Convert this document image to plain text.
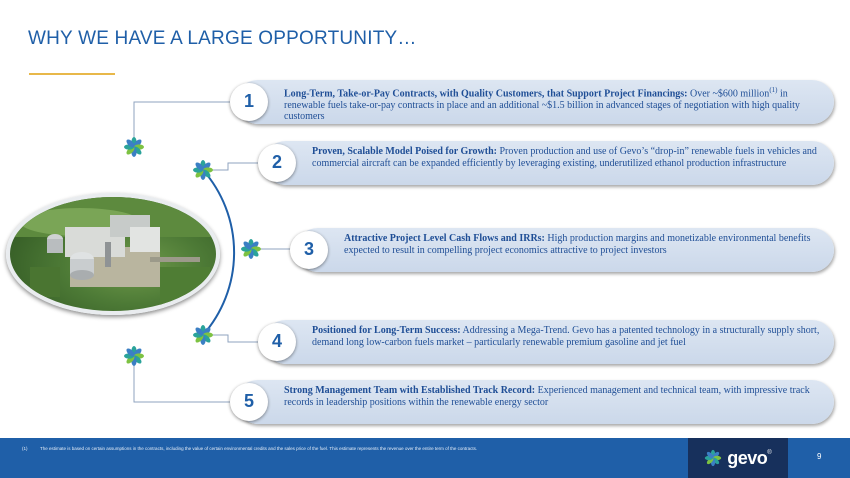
WHY WE HAVE A LARGE OPPORTUNITY…
1	Long-Term, Take-or-Pay Contracts, with Quality Customers, that Support Project Financings: Over ~$600 million$^{(1)}$ in renewable fuels take-or-pay contracts in place and an additional ~$1.5 billion in advanced stages of negotiation with high quality customers
2
Proven, Scalable Model Poised for Growth: Proven production and use of Gevo’s “drop-in” renewable fuels in vehicles and commercial aircraft can be expanded efficiently by leveraging existing, underutilized ethanol production infrastructure
3
Attractive Project Level Cash Flows and IRRs: High production margins and monetizable environmental benefits expected to result in compelling project economics attractive to project investors
4
Positioned for Long-Term Success: Addressing a Mega-Trend. Gevo has a patented technology in a structurally supply short, demand long low-carbon fuels market – particularly renewable premium gasoline and jet fuel
5
Strong Management Team with Established Track Record: Experienced management and technical team, with impressive track records in leadership positions within the renewable energy sector
(1)	The estimate is based on certain assumptions in the contracts, including the value of certain environmental credits and the sales price of the fuel. This estimate represents the revenue over the entire term of the contracts.	gevo ®	9
